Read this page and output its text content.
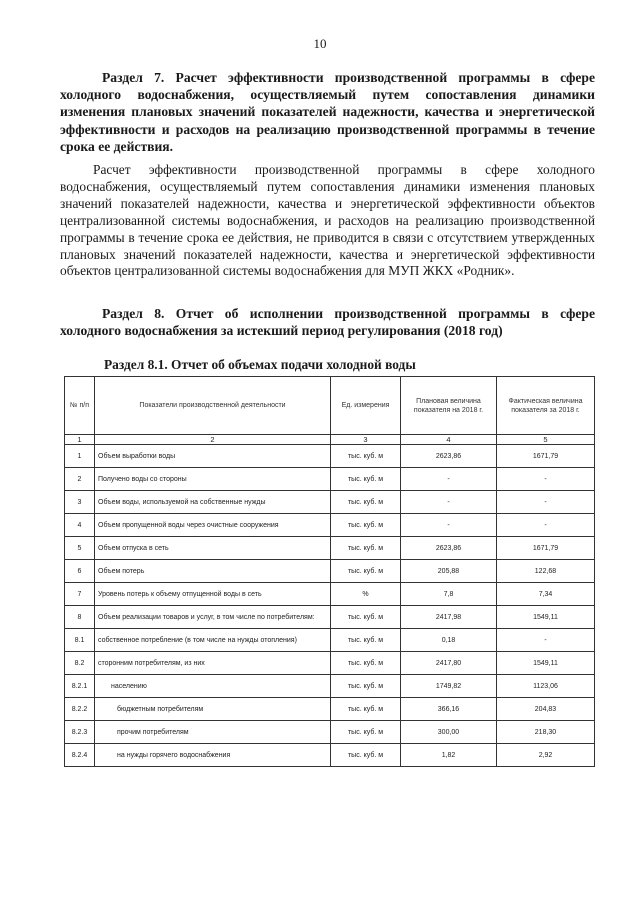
10

Раздел 7. Расчет эффективности производственной программы в сфере холодного водоснабжения, осуществляемый путем сопоставления динамики изменения плановых значений показателей надежности, качества и энергетической эффективности и расходов на реализацию производственной программы в течение срока ее действия.

Расчет эффективности производственной программы в сфере холодного водоснабжения, осуществляемый путем сопоставления динамики изменения плановых значений показателей надежности, качества и энергетической эффективности объектов централизованной системы водоснабжения, и расходов на реализацию производственной программы в течение срока ее действия, не приводится в связи с отсутствием утвержденных плановых значений показателей надежности, качества и энергетической эффективности объектов централизованной системы водоснабжения для МУП ЖКХ «Родник».

Раздел 8. Отчет об исполнении производственной программы в сфере холодного водоснабжения за истекший период регулирования (2018 год)

Раздел 8.1. Отчет об объемах подачи холодной воды

№ п/п	Показатели производственной деятельности	Ед. измерения	Плановая величина показателя на 2018 г.	Фактическая величина показателя за 2018 г.
1	2	3	4	5
1	Объем выработки воды	тыс. куб. м	2623,86	1671,79
2	Получено воды со стороны	тыс. куб. м	-	-
3	Объем воды, используемой на собственные нужды	тыс. куб. м	-	-
4	Объем пропущенной воды через очистные сооружения	тыс. куб. м	-	-
5	Объем отпуска в сеть	тыс. куб. м	2623,86	1671,79
6	Объем потерь	тыс. куб. м	205,88	122,68
7	Уровень потерь к объему отпущенной воды в сеть	%	7,8	7,34
8	Объем реализации товаров и услуг, в том числе по потребителям:	тыс. куб. м	2417,98	1549,11
8.1	собственное потребление (в том числе на нужды отопления)	тыс. куб. м	0,18	-
8.2	сторонним потребителям, из них	тыс. куб. м	2417,80	1549,11
8.2.1	населению	тыс. куб. м	1749,82	1123,06
8.2.2	бюджетным потребителям	тыс. куб. м	366,16	204,83
8.2.3	прочим потребителям	тыс. куб. м	300,00	218,30
8.2.4	на нужды горячего водоснабжения	тыс. куб. м	1,82	2,92
